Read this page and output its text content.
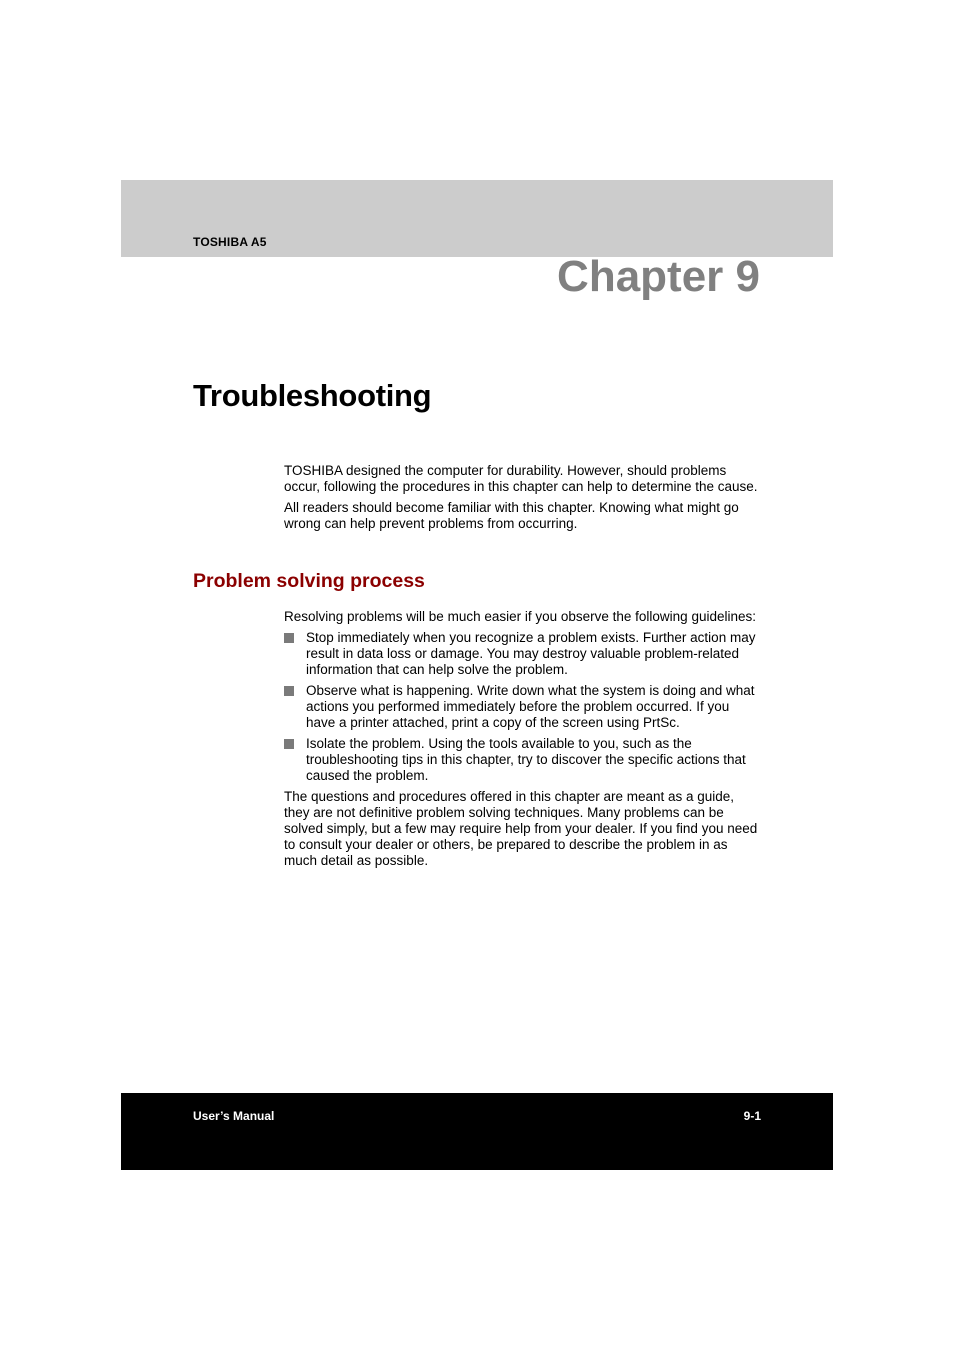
TOSHIBA A5

Chapter 9
Troubleshooting

TOSHIBA designed the computer for durability. However, should problems occur, following the procedures in this chapter can help to determine the cause.

All readers should become familiar with this chapter. Knowing what might go wrong can help prevent problems from occurring.

Problem solving process

Resolving problems will be much easier if you observe the following guidelines:

Stop immediately when you recognize a problem exists. Further action may result in data loss or damage. You may destroy valuable problem-related information that can help solve the problem.
Observe what is happening. Write down what the system is doing and what actions you performed immediately before the problem occurred. If you have a printer attached, print a copy of the screen using PrtSc.
Isolate the problem. Using the tools available to you, such as the troubleshooting tips in this chapter, try to discover the specific actions that caused the problem.

The questions and procedures offered in this chapter are meant as a guide, they are not definitive problem solving techniques. Many problems can be solved simply, but a few may require help from your dealer. If you find you need to consult your dealer or others, be prepared to describe the problem in as much detail as possible.

User’s Manual	9-1
